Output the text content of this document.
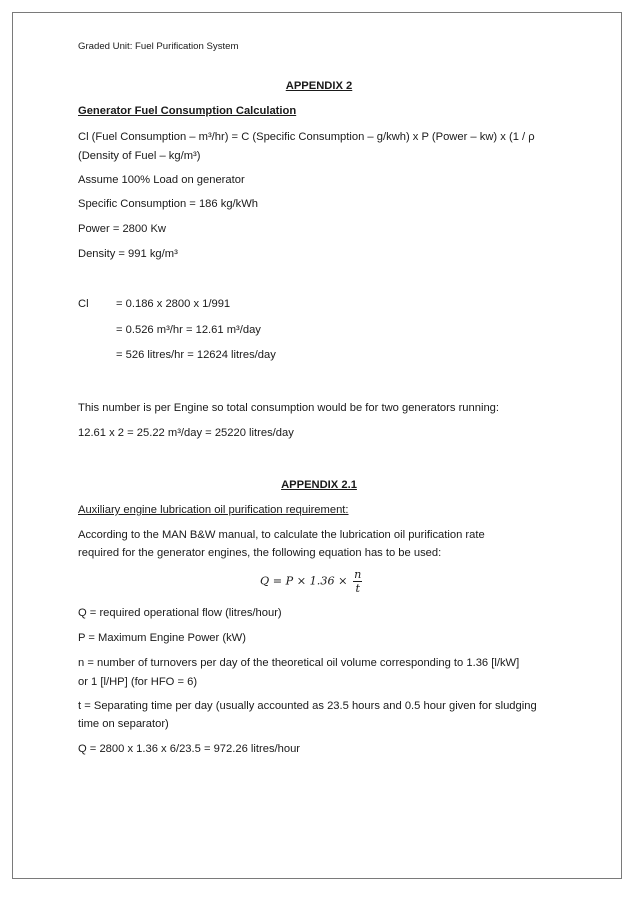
Graded Unit: Fuel Purification System
APPENDIX 2
Generator Fuel Consumption Calculation
Cl (Fuel Consumption – m³/hr) = C (Specific Consumption – g/kwh) x P (Power – kw) x (1 / ρ
(Density of Fuel – kg/m³)
Assume 100% Load on generator
Specific Consumption = 186 kg/kWh
Power = 2800 Kw
Density = 991 kg/m³
Cl = 0.186 x 2800 x 1/991
= 0.526 m³/hr = 12.61 m³/day
= 526 litres/hr = 12624 litres/day
This number is per Engine so total consumption would be for two generators running:
12.61 x 2 = 25.22 m³/day = 25220 litres/day
APPENDIX 2.1
Auxiliary engine lubrication oil purification requirement:
According to the MAN B&W manual, to calculate the lubrication oil purification rate
required for the generator engines, the following equation has to be used:
$Q = P \times 1.36 \times \frac{n}{t}$
Q = required operational flow (litres/hour)
P = Maximum Engine Power (kW)
n = number of turnovers per day of the theoretical oil volume corresponding to 1.36 [l/kW]
or 1 [l/HP] (for HFO = 6)
t = Separating time per day (usually accounted as 23.5 hours and 0.5 hour given for sludging
time on separator)
Q = 2800 x 1.36 x 6/23.5 = 972.26 litres/hour
